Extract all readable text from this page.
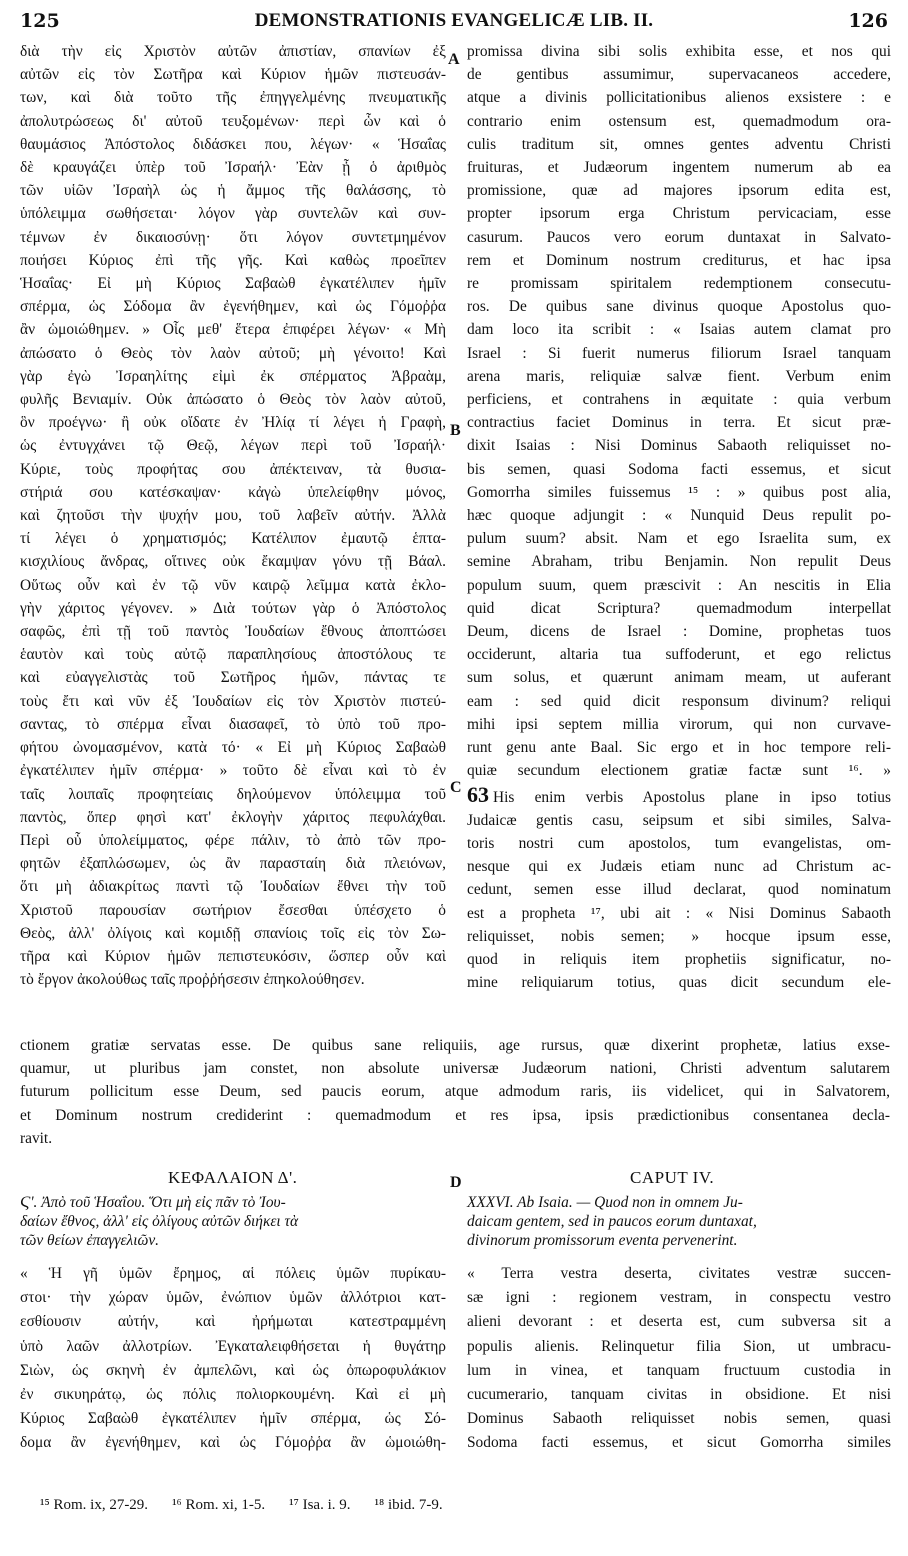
125	DEMONSTRATIONIS EVANGELICÆ LIB. II.	126
διὰ τὴν εἰς Χριστὸν αὐτῶν ἀπιστίαν, σπανίων ἐξ
αὐτῶν εἰς τὸν Σωτῆρα καὶ Κύριον ἡμῶν πιστευσάν-
των, καὶ διὰ τοῦτο τῆς ἐπηγγελμένης πνευματικῆς
ἀπολυτρώσεως δι' αὐτοῦ τευξομένων· περὶ ὧν καὶ ὁ
θαυμάσιος Ἀπόστολος διδάσκει που, λέγων· « Ἡσαΐας
δὲ κραυγάζει ὑπὲρ τοῦ Ἰσραήλ· Ἐὰν ᾖ ὁ ἀριθμὸς
τῶν υἱῶν Ἰσραὴλ ὡς ἡ ἄμμος τῆς θαλάσσης, τὸ
ὑπόλειμμα σωθήσεται· λόγον γὰρ συντελῶν καὶ συν-
τέμνων ἐν δικαιοσύνῃ· ὅτι λόγον συντετμημένον
ποιήσει Κύριος ἐπὶ τῆς γῆς. Καὶ καθὼς προεῖπεν
Ἡσαΐας· Εἰ μὴ Κύριος Σαβαὼθ ἐγκατέλιπεν ἡμῖν
σπέρμα, ὡς Σόδομα ἂν ἐγενήθημεν, καὶ ὡς Γόμοῤῥα
ἂν ὡμοιώθημεν. » Οἷς μεθ' ἕτερα ἐπιφέρει λέγων· « Μὴ
ἀπώσατο ὁ Θεὸς τὸν λαὸν αὐτοῦ; μὴ γένοιτο! Καὶ
γὰρ ἐγὼ Ἰσραηλίτης εἰμὶ ἐκ σπέρματος Ἀβραὰμ,
φυλῆς Βενιαμίν. Οὐκ ἀπώσατο ὁ Θεὸς τὸν λαὸν αὐτοῦ,
ὃν προέγνω· ἢ οὐκ οἴδατε ἐν Ἠλίᾳ τί λέγει ἡ Γραφὴ,
ὡς ἐντυγχάνει τῷ Θεῷ, λέγων περὶ τοῦ Ἰσραήλ·
Κύριε, τοὺς προφήτας σου ἀπέκτειναν, τὰ θυσια-
στήριά σου κατέσκαψαν· κἀγὼ ὑπελείφθην μόνος,
καὶ ζητοῦσι τὴν ψυχήν μου, τοῦ λαβεῖν αὐτήν. Ἀλλὰ
τί λέγει ὁ χρηματισμός; Κατέλιπον ἐμαυτῷ ἑπτα-
κισχιλίους ἄνδρας, οἵτινες οὐκ ἔκαμψαν γόνυ τῇ Βάαλ.
Οὕτως οὖν καὶ ἐν τῷ νῦν καιρῷ λεῖμμα κατὰ ἐκλο-
γὴν χάριτος γέγονεν. » Διὰ τούτων γὰρ ὁ Ἀπόστολος
σαφῶς, ἐπὶ τῇ τοῦ παντὸς Ἰουδαίων ἔθνους ἀποπτώσει
ἑαυτὸν καὶ τοὺς αὐτῷ παραπλησίους ἀποστόλους τε
καὶ εὐαγγελιστὰς τοῦ Σωτῆρος ἡμῶν, πάντας τε
τοὺς ἔτι καὶ νῦν ἐξ Ἰουδαίων εἰς τὸν Χριστὸν πιστεύ-
σαντας, τὸ σπέρμα εἶναι διασαφεῖ, τὸ ὑπὸ τοῦ προ-
φήτου ὠνομασμένον, κατὰ τό· « Εἰ μὴ Κύριος Σαβαὼθ
ἐγκατέλιπεν ἡμῖν σπέρμα· » τοῦτο δὲ εἶναι καὶ τὸ ἐν
ταῖς λοιπαῖς προφητείαις δηλούμενον ὑπόλειμμα τοῦ
παντὸς, ὅπερ φησὶ κατ' ἐκλογὴν χάριτος πεφυλάχθαι.
Περὶ οὗ ὑπολείμματος, φέρε πάλιν, τὸ ἀπὸ τῶν προ-
φητῶν ἐξαπλώσωμεν, ὡς ἂν παρασταίη διὰ πλειόνων,
ὅτι μὴ ἀδιακρίτως παντὶ τῷ Ἰουδαίων ἔθνει τὴν τοῦ
Χριστοῦ παρουσίαν σωτήριον ἔσεσθαι ὑπέσχετο ὁ
Θεὸς, ἀλλ' ὀλίγοις καὶ κομιδῇ σπανίοις τοῖς εἰς τὸν Σω-
τῆρα καὶ Κύριον ἡμῶν πεπιστευκόσιν, ὥσπερ οὖν καὶ
τὸ ἔργον ἀκολούθως ταῖς προῤῥήσεσιν ἐπηκολούθησεν.
promissa divina sibi solis exhibita esse, et nos qui
de gentibus assumimur, supervacaneos accedere,
atque a divinis pollicitationibus alienos exsistere : e
contrario enim ostensum est, quemadmodum ora-
culis traditum sit, omnes gentes adventu Christi
fruituras, et Judæorum ingentem numerum ab ea
promissione, quæ ad majores ipsorum edita est,
propter ipsorum erga Christum pervicaciam, esse
casurum. Paucos vero eorum duntaxat in Salvato-
rem et Dominum nostrum crediturus, et hac ipsa
re promissam spiritalem redemptionem consecutu-
ros. De quibus sane divinus quoque Apostolus quo-
dam loco ita scribit : « Isaias autem clamat pro
Israel : Si fuerit numerus filiorum Israel tanquam
arena maris, reliquiæ salvæ fient. Verbum enim
perficiens, et contrahens in æquitate : quia verbum
contractius faciet Dominus in terra. Et sicut præ-
dixit Isaias : Nisi Dominus Sabaoth reliquisset no-
bis semen, quasi Sodoma facti essemus, et sicut
Gomorrha similes fuissemus ¹⁵ : » quibus post alia,
hæc quoque adjungit : « Nunquid Deus repulit po-
pulum suum? absit. Nam et ego Israelita sum, ex
semine Abraham, tribu Benjamin. Non repulit Deus
populum suum, quem præscivit : An nescitis in Elia
quid dicat Scriptura? quemadmodum interpellat
Deum, dicens de Israel : Domine, prophetas tuos
occiderunt, altaria tua suffoderunt, et ego relictus
sum solus, et quærunt animam meam, ut auferant
eam : sed quid dicit responsum divinum? reliqui
mihi ipsi septem millia virorum, qui non curvave-
runt genu ante Baal. Sic ergo et in hoc tempore reli-
quiæ secundum electionem gratiæ factæ sunt ¹⁶. »
63 His enim verbis Apostolus plane in ipso totius
Judaicæ gentis casu, seipsum et sibi similes, Salva-
toris nostri cum apostolos, tum evangelistas, om-
nesque qui ex Judæis etiam nunc ad Christum ac-
cedunt, semen esse illud declarat, quod nominatum
est a propheta ¹⁷, ubi ait : « Nisi Dominus Sabaoth
reliquisset, nobis semen; » hocque ipsum esse,
quod in reliquis item prophetiis significatur, no-
mine reliquiarum totius, quas dicit secundum ele-
A
B
C
D
ctionem gratiæ servatas esse. De quibus sane reliquiis, age rursus, quæ dixerint prophetæ, latius exse-
quamur, ut pluribus jam constet, non absolute universæ Judæorum nationi, Christi adventum salutarem
futurum pollicitum esse Deum, sed paucis eorum, atque admodum raris, iis videlicet, qui in Salvatorem,
et Dominum nostrum crediderint : quemadmodum et res ipsa, ipsis prædictionibus consentanea decla-
ravit.
ΚΕΦΑΛΑΙΟΝ Δ'.	CAPUT IV.
Ϛ'. Ἀπὸ τοῦ Ἡσαΐου. Ὅτι μὴ εἰς πᾶν τὸ Ἰου-
δαίων ἔθνος, ἀλλ' εἰς ὀλίγους αὐτῶν διήκει τὰ
τῶν θείων ἐπαγγελιῶν.
XXXVI. Ab Isaia. — Quod non in omnem Ju-
daicam gentem, sed in paucos eorum duntaxat,
divinorum promissorum eventa pervenerint.
« Ἡ γῆ ὑμῶν ἔρημος, αἱ πόλεις ὑμῶν πυρίκαυ-
στοι· τὴν χώραν ὑμῶν, ἐνώπιον ὑμῶν ἀλλότριοι κατ-
εσθίουσιν αὐτήν, καὶ ἠρήμωται κατεστραμμένη
ὑπὸ λαῶν ἀλλοτρίων. Ἐγκαταλειφθήσεται ἡ θυγάτηρ
Σιὼν, ὡς σκηνὴ ἐν ἀμπελῶνι, καὶ ὡς ὀπωροφυλάκιον
ἐν σικυηράτῳ, ὡς πόλις πολιορκουμένη. Καὶ εἰ μὴ
Κύριος Σαβαὼθ ἐγκατέλιπεν ἡμῖν σπέρμα, ὡς Σό-
δομα ἂν ἐγενήθημεν, καὶ ὡς Γόμοῤῥα ἂν ὡμοιώθη-
« Terra vestra deserta, civitates vestræ succen-
sæ igni : regionem vestram, in conspectu vestro
alieni devorant : et deserta est, cum subversa sit a
populis alienis. Relinquetur filia Sion, ut umbracu-
lum in vinea, et tanquam fructuum custodia in
cucumerario, tanquam civitas in obsidione. Et nisi
Dominus Sabaoth reliquisset nobis semen, quasi
Sodoma facti essemus, et sicut Gomorrha similes
¹⁵ Rom. ix, 27-29. ¹⁶ Rom. xi, 1-5. ¹⁷ Isa. i. 9. ¹⁸ ibid. 7-9.
